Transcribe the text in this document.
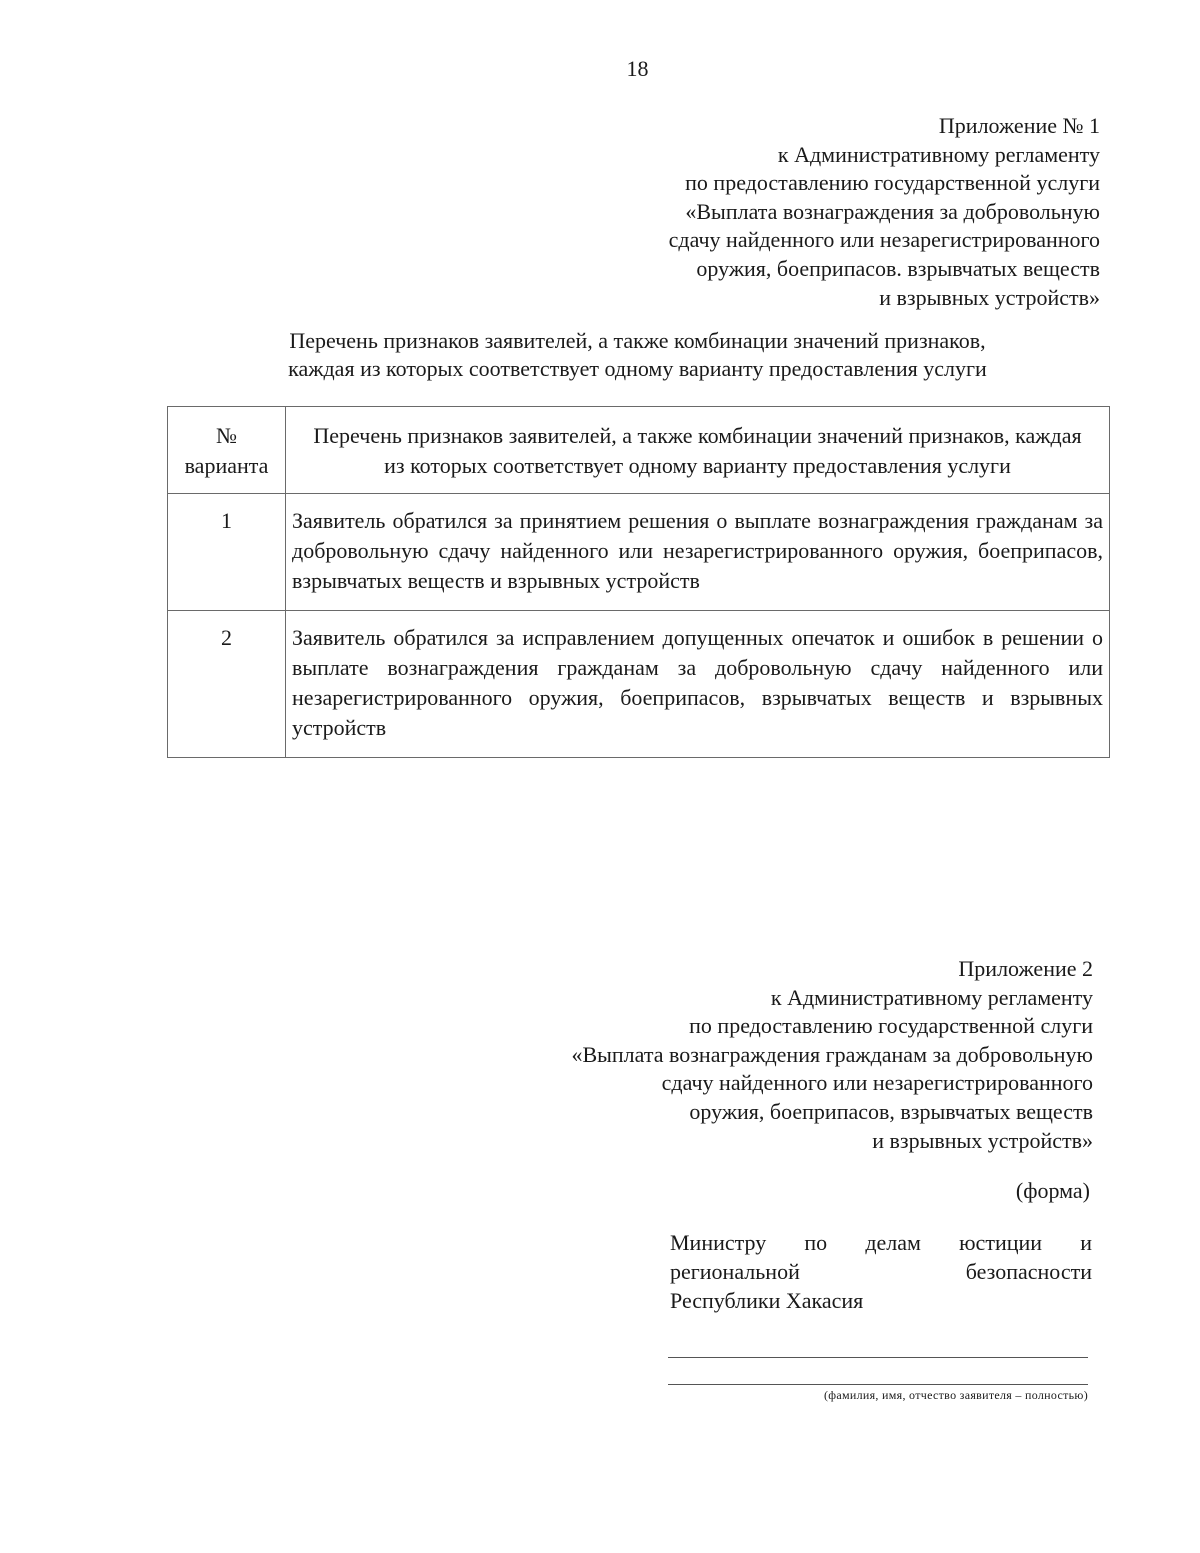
18
Приложение № 1
к Административному регламенту
по предоставлению государственной услуги
«Выплата вознаграждения за добровольную
сдачу найденного или незарегистрированного
оружия, боеприпасов. взрывчатых веществ
и взрывных устройств»
Перечень признаков заявителей, а также комбинации значений признаков,
каждая из которых соответствует одному варианту предоставления услуги
№
варианта	Перечень признаков заявителей, а также комбинации значений признаков, каждая из которых соответствует одному варианту предоставления услуги
1	Заявитель обратился за принятием решения о выплате вознаграждения гражданам за добровольную сдачу найденного или незарегистрированного оружия, боеприпасов, взрывчатых веществ и взрывных устройств
2	Заявитель обратился за исправлением допущенных опечаток и ошибок в решении о выплате вознаграждения гражданам за добровольную сдачу найденного или незарегистрированного оружия, боеприпасов, взрывчатых веществ и взрывных устройств
Приложение 2
к Административному регламенту
по предоставлению государственной слуги
«Выплата вознаграждения гражданам за добровольную
сдачу найденного или незарегистрированного
оружия, боеприпасов, взрывчатых веществ
и взрывных устройств»
(форма)
Министру по делам юстиции и
региональной	безопасности
Республики Хакасия
(фамилия, имя, отчество заявителя – полностью)
